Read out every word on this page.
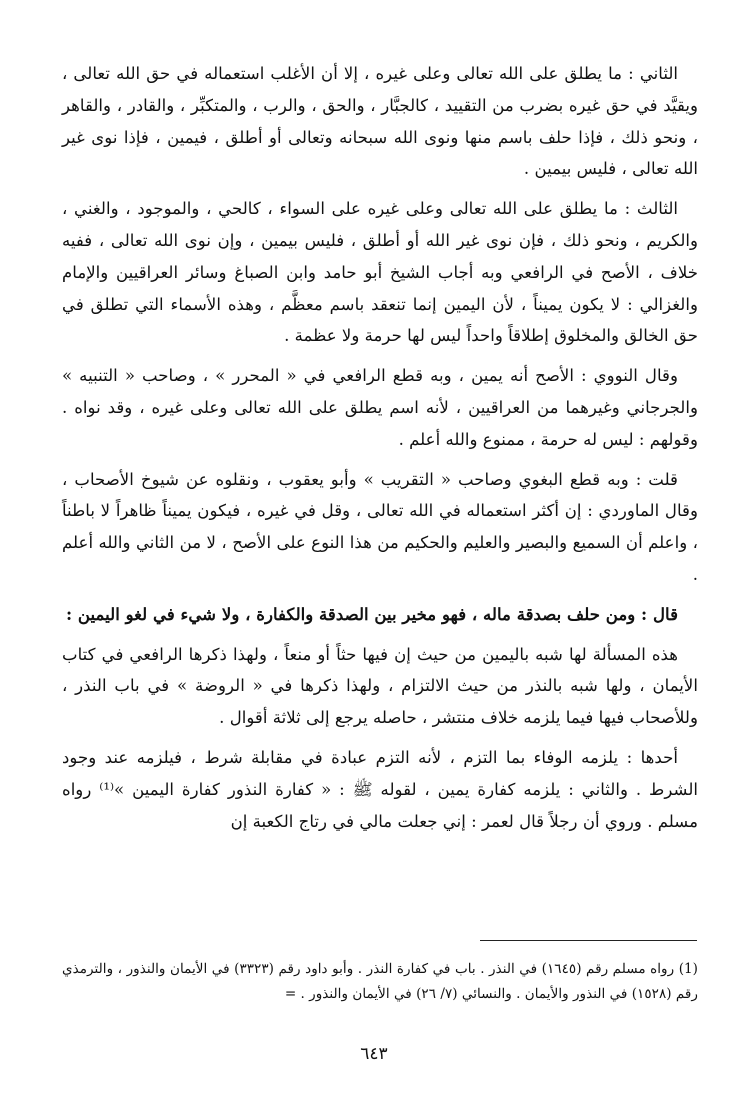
الثاني : ما يطلق على الله تعالى وعلى غيره ، إلا أن الأغلب استعماله في حق الله تعالى ، ويقيَّد في حق غيره بضرب من التقييد ، كالجبَّار ، والحق ، والرب ، والمتكبِّر ، والقادر ، والقاهر ، ونحو ذلك ، فإذا حلف باسم منها ونوى الله سبحانه وتعالى أو أطلق ، فيمين ، فإذا نوى غير الله تعالى ، فليس بيمين .

الثالث : ما يطلق على الله تعالى وعلى غيره على السواء ، كالحي ، والموجود ، والغني ، والكريم ، ونحو ذلك ، فإن نوى غير الله أو أطلق ، فليس بيمين ، وإن نوى الله تعالى ، ففيه خلاف ، الأصح في الرافعي وبه أجاب الشيخ أبو حامد وابن الصباغ وسائر العراقيين والإمام والغزالي : لا يكون يميناً ، لأن اليمين إنما تنعقد باسم معظَّم ، وهذه الأسماء التي تطلق في حق الخالق والمخلوق إطلاقاً واحداً ليس لها حرمة ولا عظمة .

وقال النووي : الأصح أنه يمين ، وبه قطع الرافعي في « المحرر » ، وصاحب « التنبيه » والجرجاني وغيرهما من العراقيين ، لأنه اسم يطلق على الله تعالى وعلى غيره ، وقد نواه . وقولهم : ليس له حرمة ، ممنوع والله أعلم .

قلت : وبه قطع البغوي وصاحب « التقريب » وأبو يعقوب ، ونقلوه عن شيوخ الأصحاب ، وقال الماوردي : إن أكثر استعماله في الله تعالى ، وقل في غيره ، فيكون يميناً ظاهراً لا باطناً ، واعلم أن السميع والبصير والعليم والحكيم من هذا النوع على الأصح ، لا من الثاني والله أعلم .

قال : ومن حلف بصدقة ماله ، فهو مخير بين الصدقة والكفارة ، ولا شيء في لغو اليمين :

هذه المسألة لها شبه باليمين من حيث إن فيها حثاً أو منعاً ، ولهذا ذكرها الرافعي في كتاب الأيمان ، ولها شبه بالنذر من حيث الالتزام ، ولهذا ذكرها في « الروضة » في باب النذر ، وللأصحاب فيها فيما يلزمه خلاف منتشر ، حاصله يرجع إلى ثلاثة أقوال .

أحدها : يلزمه الوفاء بما التزم ، لأنه التزم عبادة في مقابلة شرط ، فيلزمه عند وجود الشرط . والثاني : يلزمه كفارة يمين ، لقوله ﷺ : « كفارة النذور كفارة اليمين »⁽¹⁾ رواه مسلم . وروي أن رجلاً قال لعمر : إني جعلت مالي في رتاج الكعبة إن

(1) رواه مسلم رقم (١٦٤٥) في النذر . باب في كفارة النذر . وأبو داود رقم (٣٣٢٣) في الأيمان والنذور ، والترمذي رقم (١٥٢٨) في النذور والأيمان . والنسائي (٧/ ٢٦) في الأيمان والنذور . =
٦٤٣
